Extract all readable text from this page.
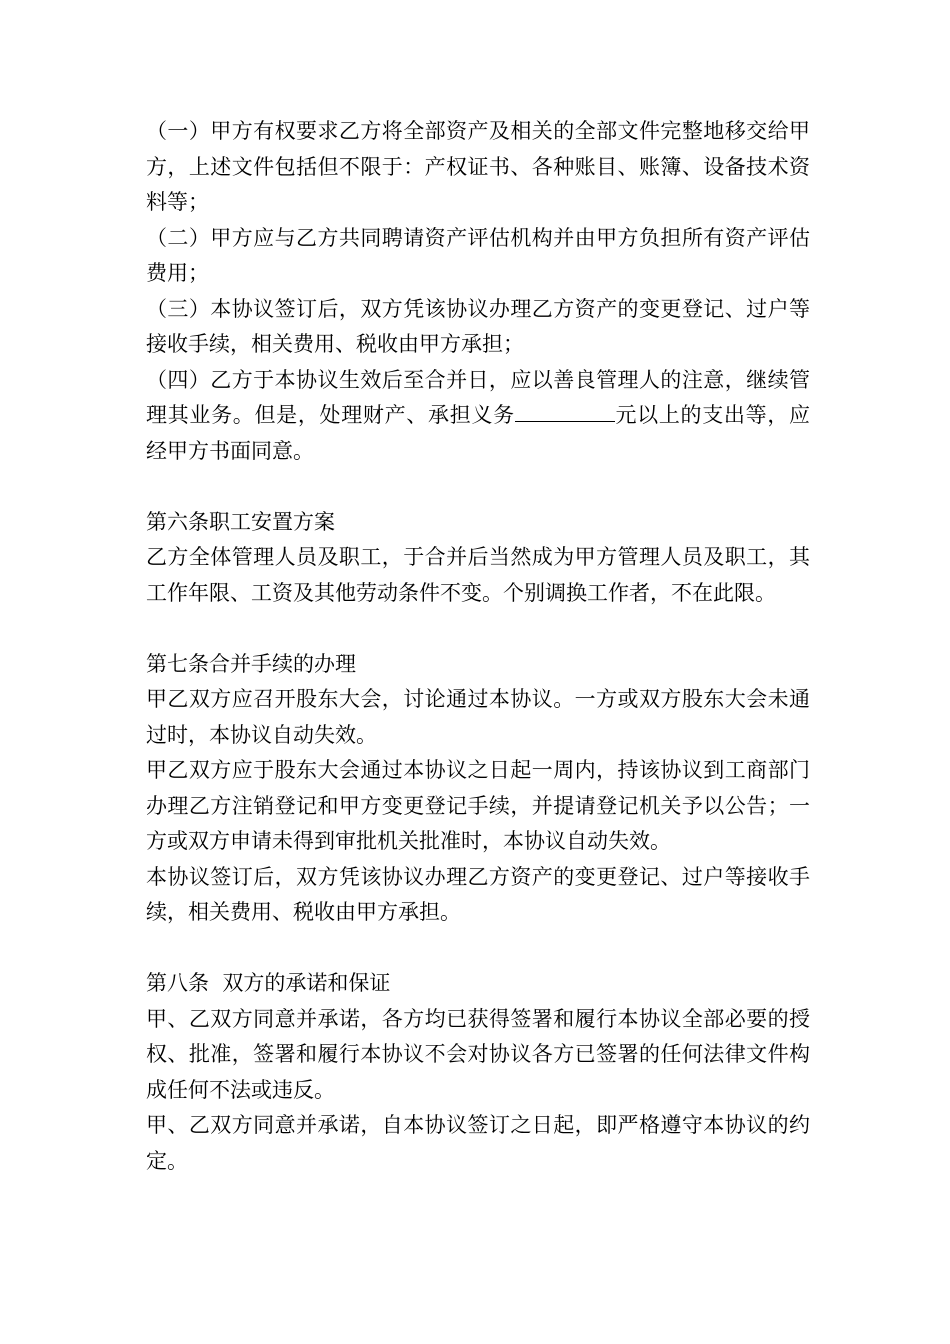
（一）甲方有权要求乙方将全部资产及相关的全部文件完整地移交给甲方，上述文件包括但不限于：产权证书、各种账目、账簿、设备技术资料等；

（二）甲方应与乙方共同聘请资产评估机构并由甲方负担所有资产评估费用；

（三）本协议签订后，双方凭该协议办理乙方资产的变更登记、过户等接收手续，相关费用、税收由甲方承担；

（四）乙方于本协议生效后至合并日，应以善良管理人的注意，继续管理其业务。但是，处理财产、承担义务	元以上的支出等，应经甲方书面同意。

第六条职工安置方案

乙方全体管理人员及职工，于合并后当然成为甲方管理人员及职工，其工作年限、工资及其他劳动条件不变。个别调换工作者，不在此限。

第七条合并手续的办理

甲乙双方应召开股东大会，讨论通过本协议。一方或双方股东大会未通过时，本协议自动失效。

甲乙双方应于股东大会通过本协议之日起一周内，持该协议到工商部门办理乙方注销登记和甲方变更登记手续，并提请登记机关予以公告；一方或双方申请未得到审批机关批准时，本协议自动失效。

本协议签订后，双方凭该协议办理乙方资产的变更登记、过户等接收手续，相关费用、税收由甲方承担。

第八条  双方的承诺和保证

甲、乙双方同意并承诺，各方均已获得签署和履行本协议全部必要的授权、批准，签署和履行本协议不会对协议各方已签署的任何法律文件构成任何不法或违反。

甲、乙双方同意并承诺，自本协议签订之日起，即严格遵守本协议的约定。
